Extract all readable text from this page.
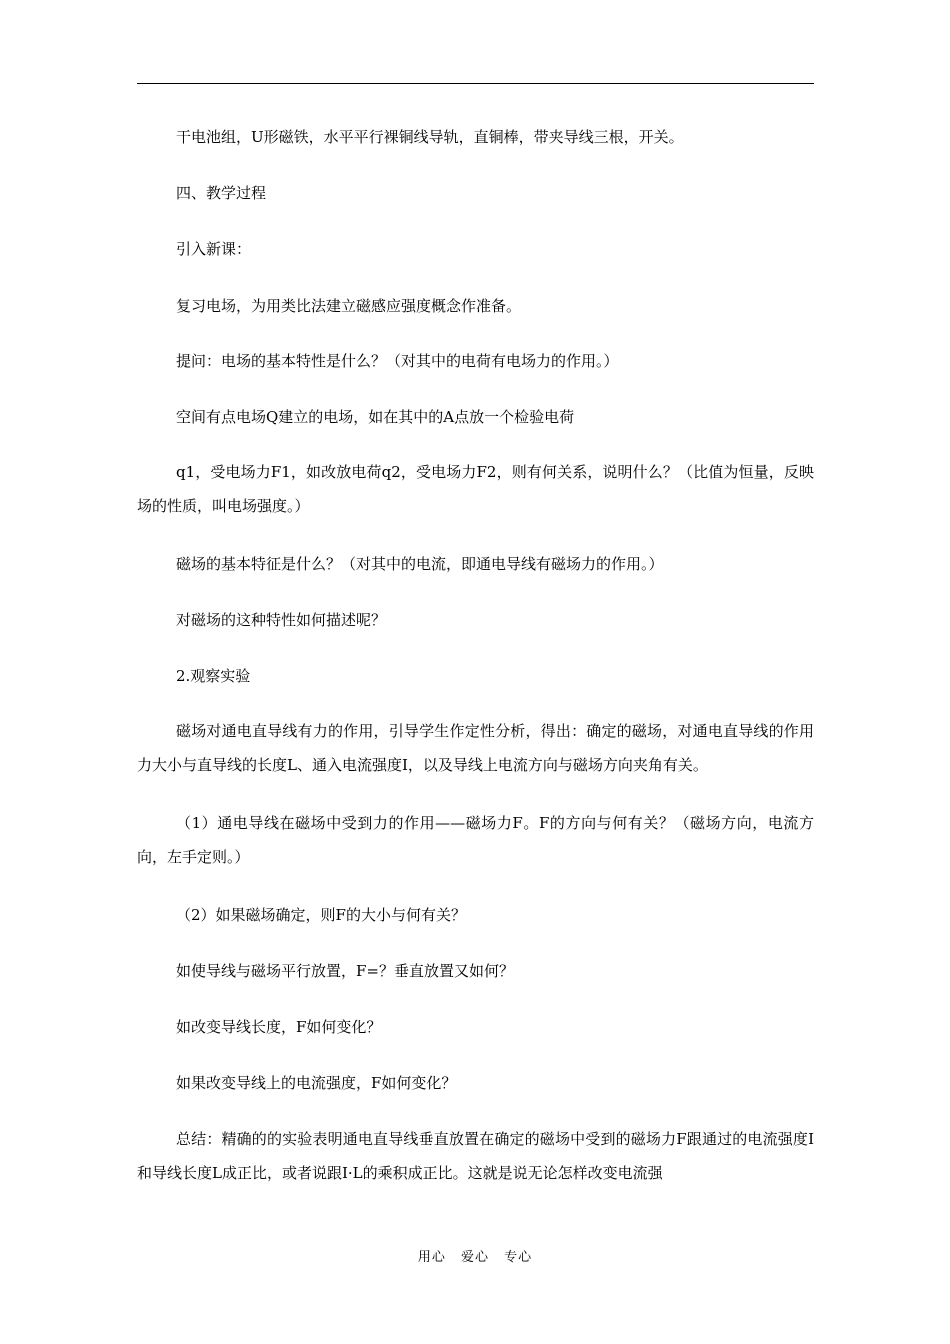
干电池组，U形磁铁，水平平行裸铜线导轨，直铜棒，带夹导线三根，开关。
四、教学过程
引入新课：
复习电场，为用类比法建立磁感应强度概念作准备。
提问：电场的基本特性是什么？（对其中的电荷有电场力的作用。）
空间有点电场Q建立的电场，如在其中的A点放一个检验电荷
q1，受电场力F1，如改放电荷q2，受电场力F2，则有何关系，说明什么？（比值为恒量，反映场的性质，叫电场强度。）
磁场的基本特征是什么？（对其中的电流，即通电导线有磁场力的作用。）
对磁场的这种特性如何描述呢？
2.观察实验
磁场对通电直导线有力的作用，引导学生作定性分析，得出：确定的磁场，对通电直导线的作用力大小与直导线的长度L、通入电流强度I，以及导线上电流方向与磁场方向夹角有关。
（1）通电导线在磁场中受到力的作用——磁场力F。F的方向与何有关？（磁场方向，电流方向，左手定则。）
（2）如果磁场确定，则F的大小与何有关？
如使导线与磁场平行放置，F=？垂直放置又如何？
如改变导线长度，F如何变化？
如果改变导线上的电流强度，F如何变化？
总结：精确的的实验表明通电直导线垂直放置在确定的磁场中受到的磁场力F跟通过的电流强度I和导线长度L成正比，或者说跟I·L的乘积成正比。这就是说无论怎样改变电流强
用心 爱心 专心
